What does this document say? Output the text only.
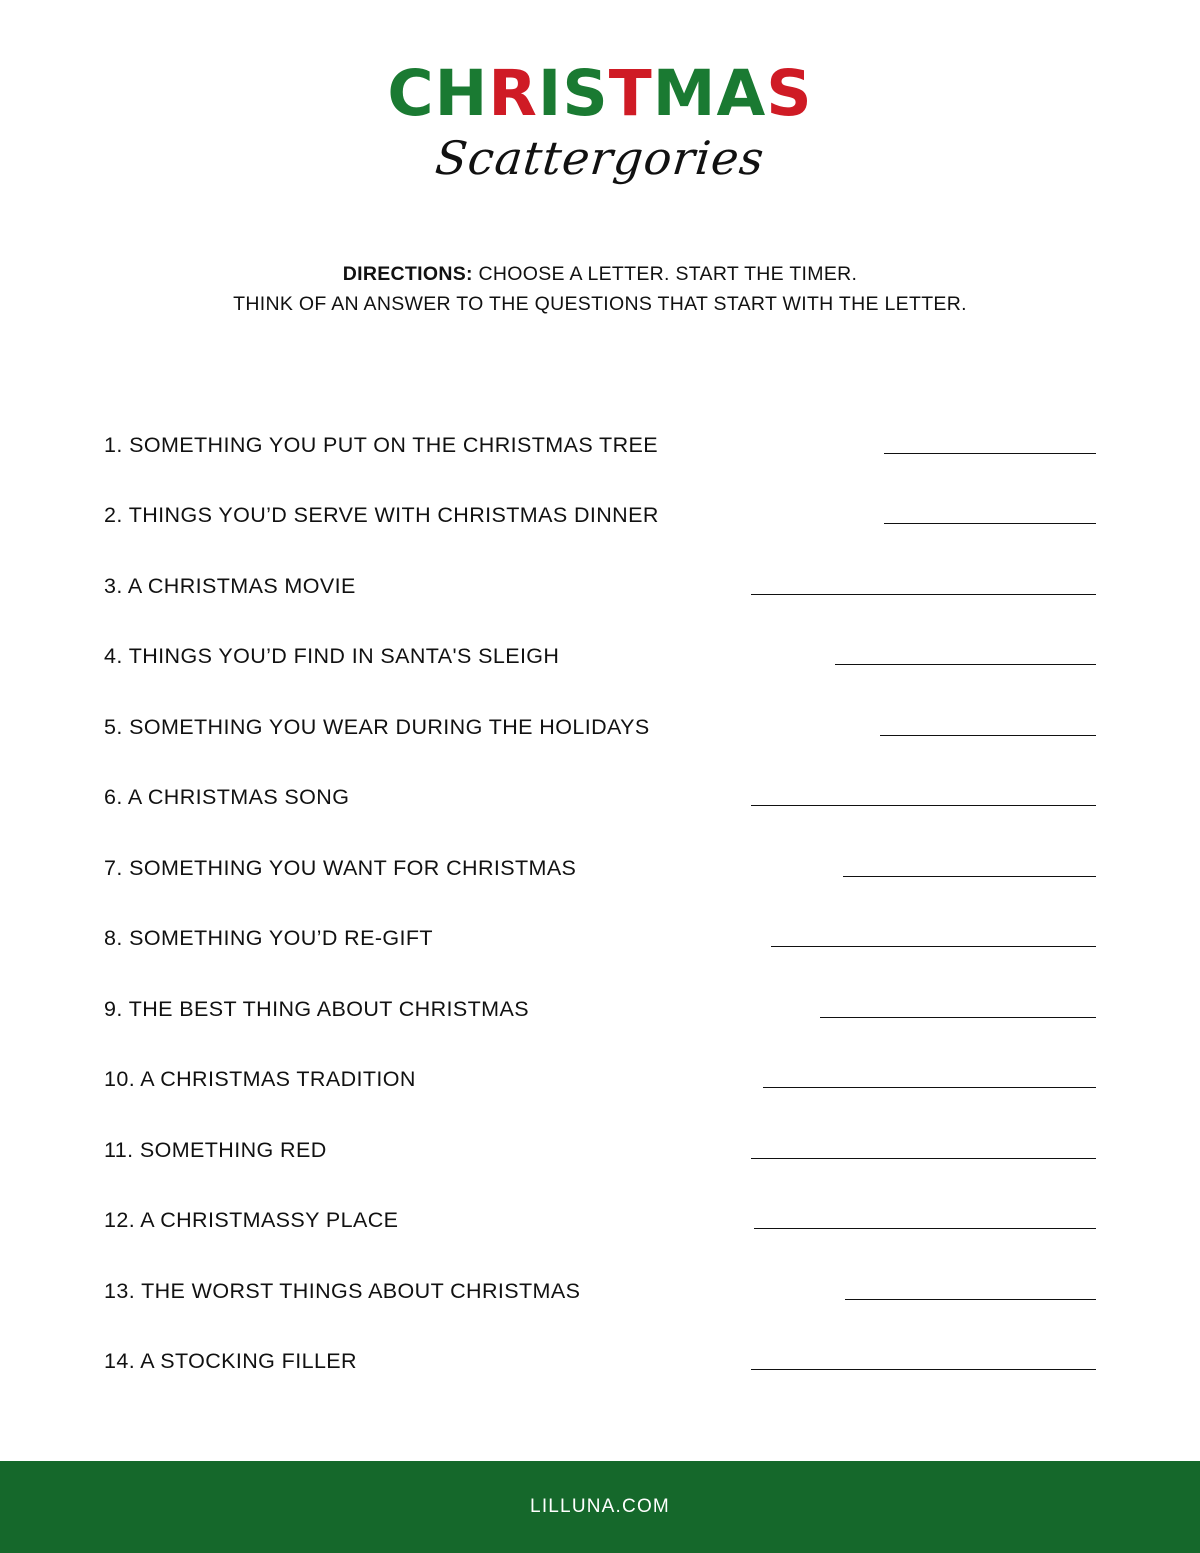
CHRISTMAS
Scattergories
DIRECTIONS: CHOOSE A LETTER. START THE TIMER.
THINK OF AN ANSWER TO THE QUESTIONS THAT START WITH THE LETTER.
1. SOMETHING YOU PUT ON THE CHRISTMAS TREE
2. THINGS YOU’D SERVE WITH CHRISTMAS DINNER
3. A CHRISTMAS MOVIE
4. THINGS YOU’D FIND IN SANTA'S SLEIGH
5. SOMETHING YOU WEAR DURING THE HOLIDAYS
6. A CHRISTMAS SONG
7. SOMETHING YOU WANT FOR CHRISTMAS
8. SOMETHING YOU’D RE-GIFT
9. THE BEST THING ABOUT CHRISTMAS
10. A CHRISTMAS TRADITION
11. SOMETHING RED
12. A CHRISTMASSY PLACE
13. THE WORST THINGS ABOUT CHRISTMAS
14. A STOCKING FILLER
LILLUNA.COM
